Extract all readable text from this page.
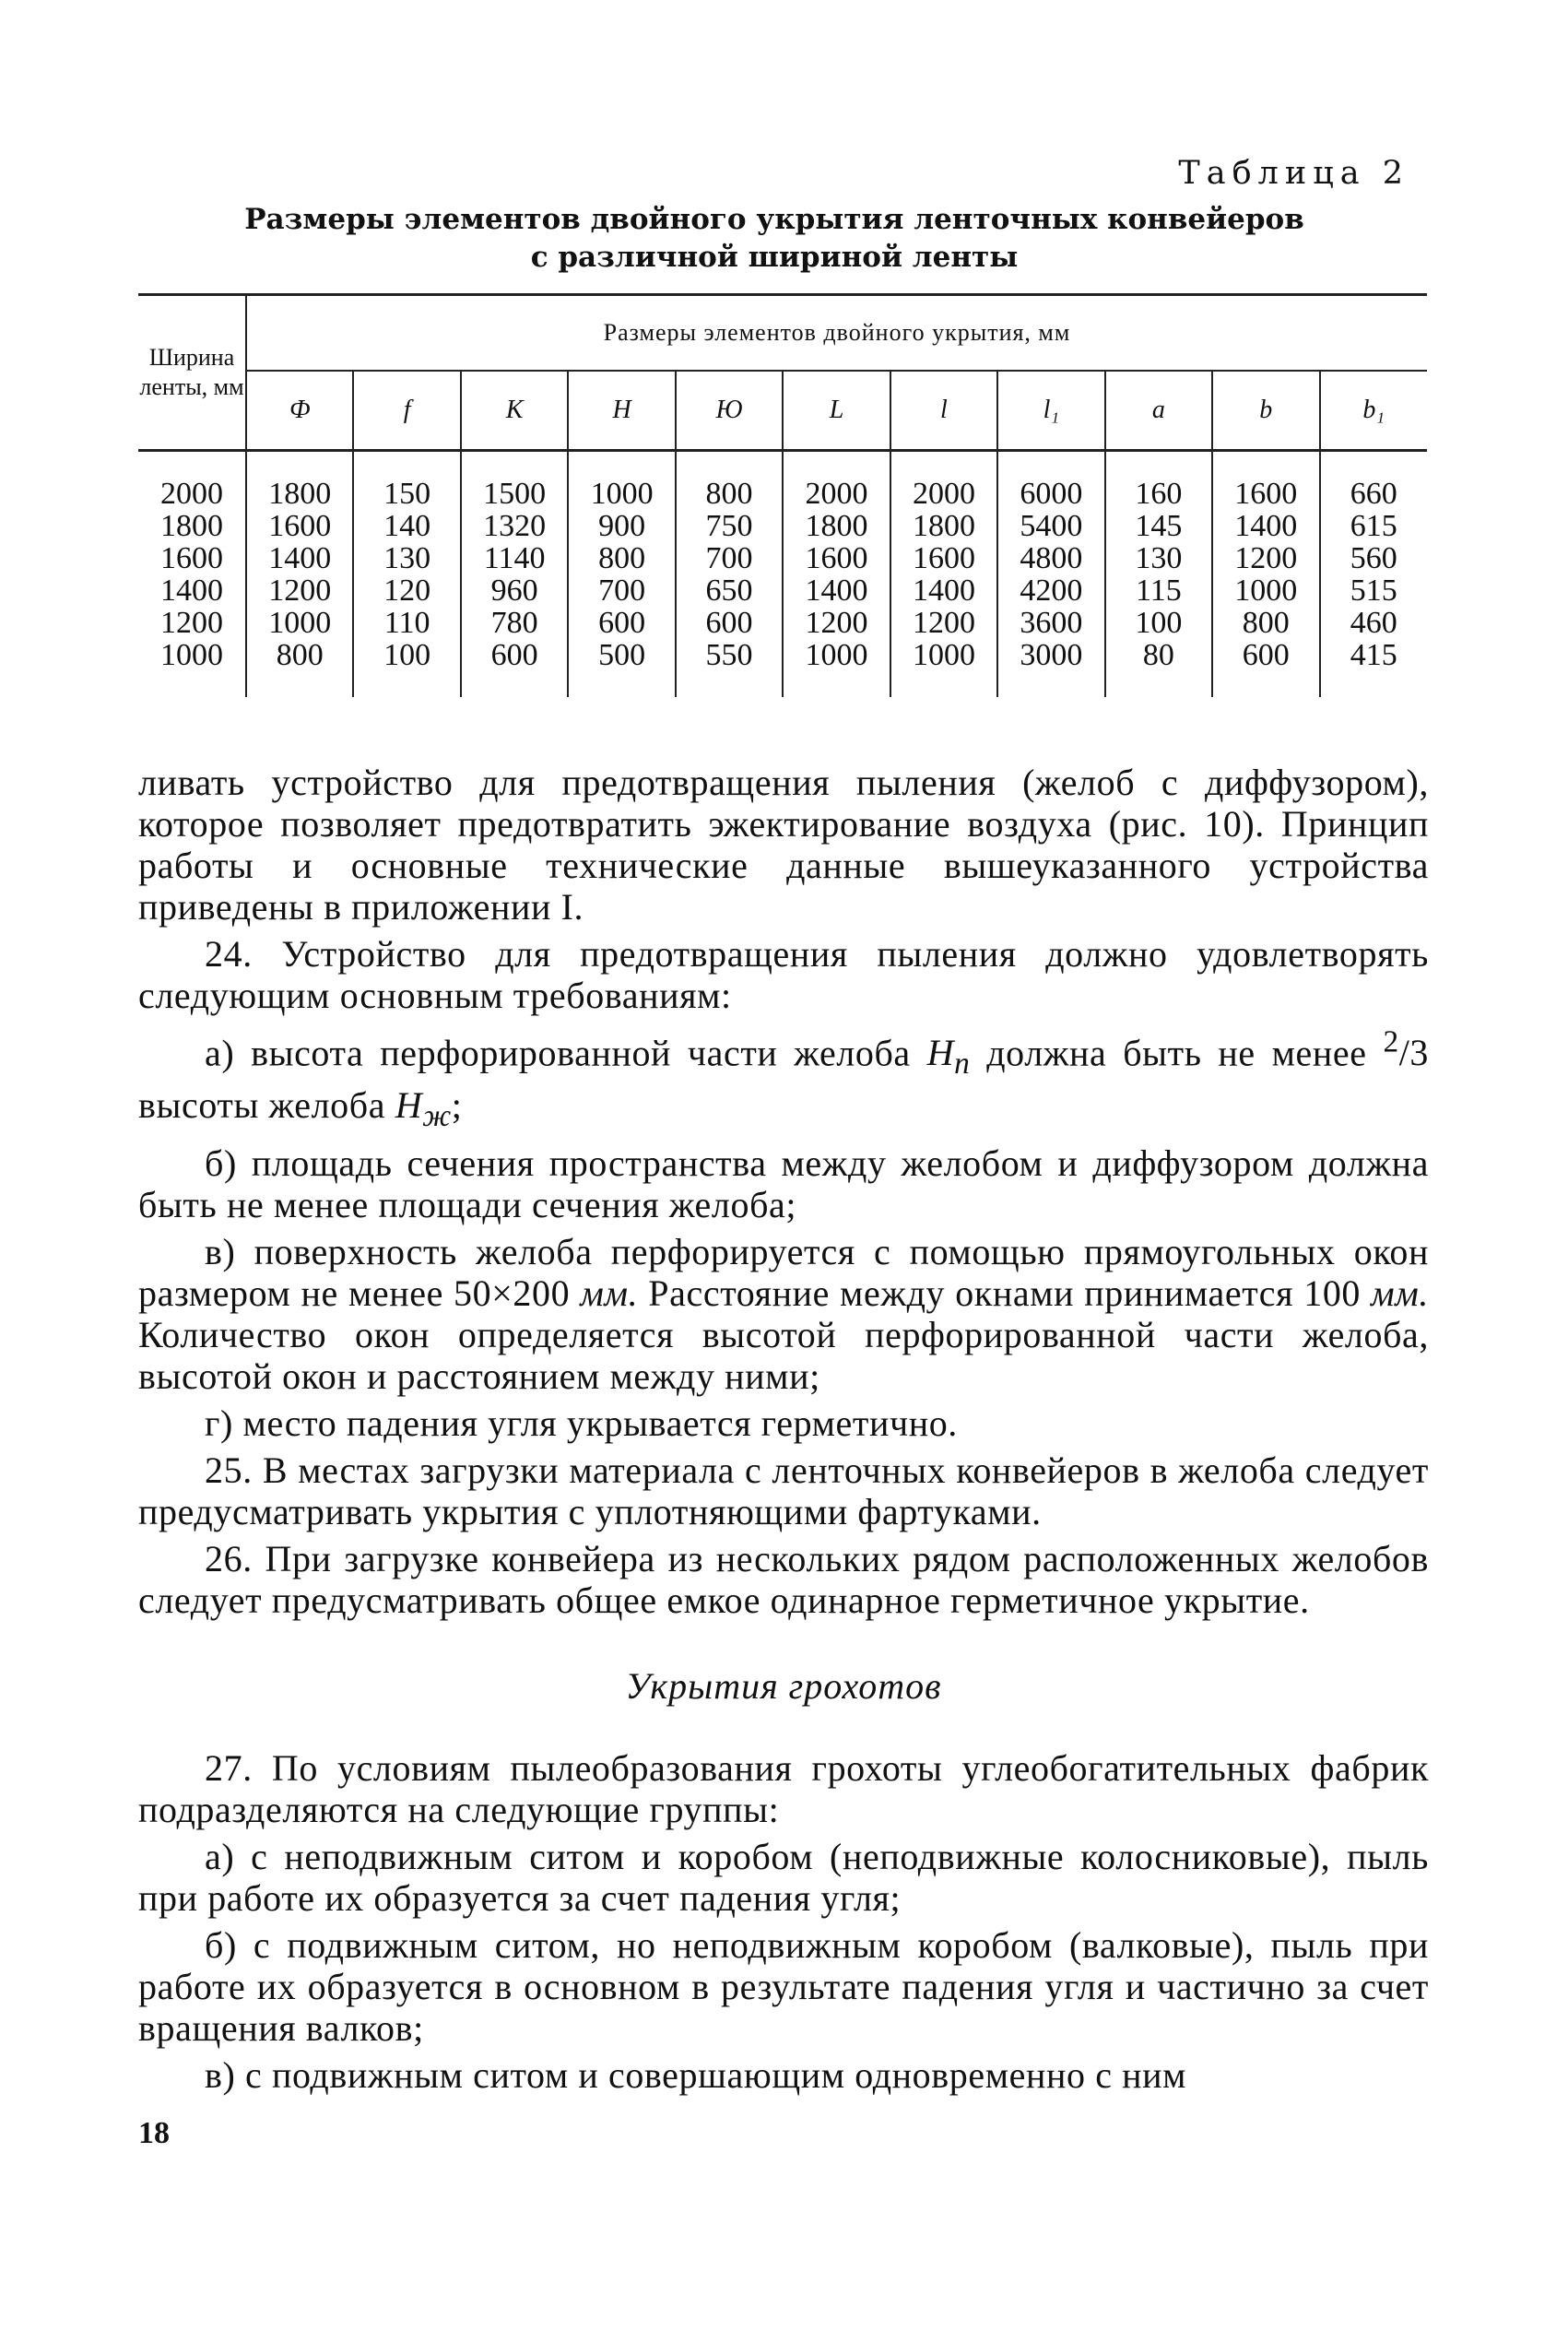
Таблица 2
Размеры элементов двойного укрытия ленточных конвейеров
с различной шириной ленты
Ширина ленты, мм	Размеры элементов двойного укрытия, мм										
	Ф	f	К	Н	Ю	L	l	l₁	a	b	b₁
2000	1800	150	1500	1000	800	2000	2000	6000	160	1600	660
1800	1600	140	1320	900	750	1800	1800	5400	145	1400	615
1600	1400	130	1140	800	700	1600	1600	4800	130	1200	560
1400	1200	120	960	700	650	1400	1400	4200	115	1000	515
1200	1000	110	780	600	600	1200	1200	3600	100	800	460
1000	800	100	600	500	550	1000	1000	3000	80	600	415

ливать устройство для предотвращения пыления (желоб с диффузором), которое позволяет предотвратить эжектирование воздуха (рис. 10). Принцип работы и основные технические данные вышеуказанного устройства приведены в приложении I.

24. Устройство для предотвращения пыления должно удовлетворять следующим основным требованиям:

а) высота перфорированной части желоба $H_п$ должна быть не менее $^2$/3 высоты желоба $H_ж$;

б) площадь сечения пространства между желобом и диффузором должна быть не менее площади сечения желоба;

в) поверхность желоба перфорируется с помощью прямоугольных окон размером не менее 50×200 мм. Расстояние между окнами принимается 100 мм. Количество окон определяется высотой перфорированной части желоба, высотой окон и расстоянием между ними;

г) место падения угля укрывается герметично.

25. В местах загрузки материала с ленточных конвейеров в желоба следует предусматривать укрытия с уплотняющими фартуками.

26. При загрузке конвейера из нескольких рядом расположенных желобов следует предусматривать общее емкое одинарное герметичное укрытие.

Укрытия грохотов

27. По условиям пылеобразования грохоты углеобогатительных фабрик подразделяются на следующие группы:

а) с неподвижным ситом и коробом (неподвижные колосниковые), пыль при работе их образуется за счет падения угля;

б) с подвижным ситом, но неподвижным коробом (валковые), пыль при работе их образуется в основном в результате падения угля и частично за счет вращения валков;

в) с подвижным ситом и совершающим одновременно с ним

18
